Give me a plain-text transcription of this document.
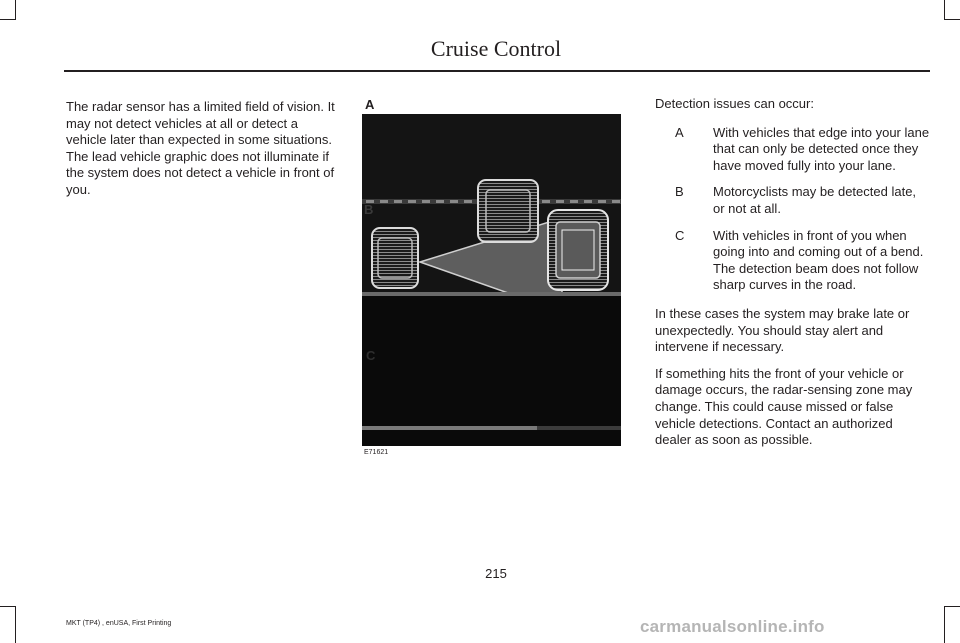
Cruise Control

The radar sensor has a limited field of vision. It may not detect vehicles at all or detect a vehicle later than expected in some situations. The lead vehicle graphic does not illuminate if the system does not detect a vehicle in front of you.

A
B
C
E71621

Detection issues can occur:

A	With vehicles that edge into your lane that can only be detected once they have moved fully into your lane.
B	Motorcyclists may be detected late, or not at all.
C	With vehicles in front of you when going into and coming out of a bend. The detection beam does not follow sharp curves in the road.

In these cases the system may brake late or unexpectedly. You should stay alert and intervene if necessary.

If something hits the front of your vehicle or damage occurs, the radar-sensing zone may change. This could cause missed or false vehicle detections. Contact an authorized dealer as soon as possible.

215
MKT (TP4) , enUSA, First Printing	carmanualsonline.info
